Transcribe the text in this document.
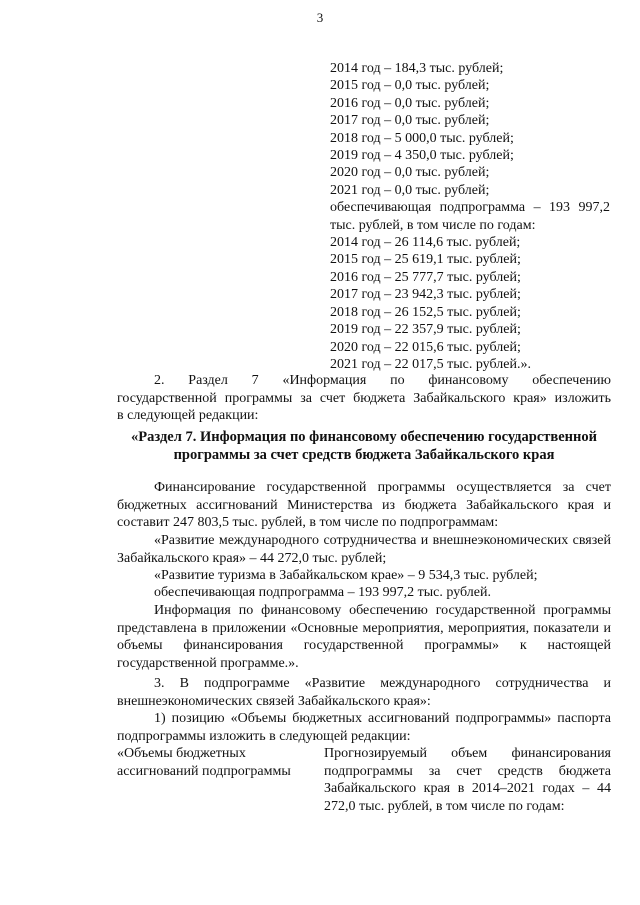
3
2014 год – 184,3 тыс. рублей;
2015 год – 0,0 тыс. рублей;
2016 год – 0,0 тыс. рублей;
2017 год – 0,0 тыс. рублей;
2018 год – 5 000,0 тыс. рублей;
2019 год – 4 350,0 тыс. рублей;
2020 год – 0,0 тыс. рублей;
2021 год – 0,0 тыс. рублей;
обеспечивающая подпрограмма – 193 997,2
тыс. рублей, в том числе по годам:
2014 год – 26 114,6 тыс. рублей;
2015 год – 25 619,1 тыс. рублей;
2016 год – 25 777,7 тыс. рублей;
2017 год – 23 942,3 тыс. рублей;
2018 год – 26 152,5 тыс. рублей;
2019 год – 22 357,9 тыс. рублей;
2020 год – 22 015,6 тыс. рублей;
2021 год – 22 017,5 тыс. рублей.».
2. Раздел 7 «Информация по финансовому обеспечению
государственной программы за счет бюджета Забайкальского края» изложить
в следующей редакции:
«Раздел 7. Информация по финансовому обеспечению государственной
программы за счет средств бюджета Забайкальского края
Финансирование государственной программы осуществляется за счет бюджетных ассигнований Министерства из бюджета Забайкальского края и составит 247 803,5 тыс. рублей, в том числе по подпрограммам:
«Развитие международного сотрудничества и внешнеэкономических связей Забайкальского края» – 44 272,0 тыс. рублей;
«Развитие туризма в Забайкальском крае» – 9 534,3 тыс. рублей;
обеспечивающая подпрограмма – 193 997,2 тыс. рублей.
Информация по финансовому обеспечению государственной программы представлена в приложении «Основные мероприятия, мероприятия, показатели и объемы финансирования государственной программы» к настоящей государственной программе.».
3. В подпрограмме «Развитие международного сотрудничества и внешнеэкономических связей Забайкальского края»:
1) позицию «Объемы бюджетных ассигнований подпрограммы» паспорта подпрограммы изложить в следующей редакции:
«Объемы бюджетных
ассигнований подпрограммы
Прогнозируемый объем финансирования подпрограммы за счет средств бюджета Забайкальского края в 2014–2021 годах – 44 272,0 тыс. рублей, в том числе по годам:
